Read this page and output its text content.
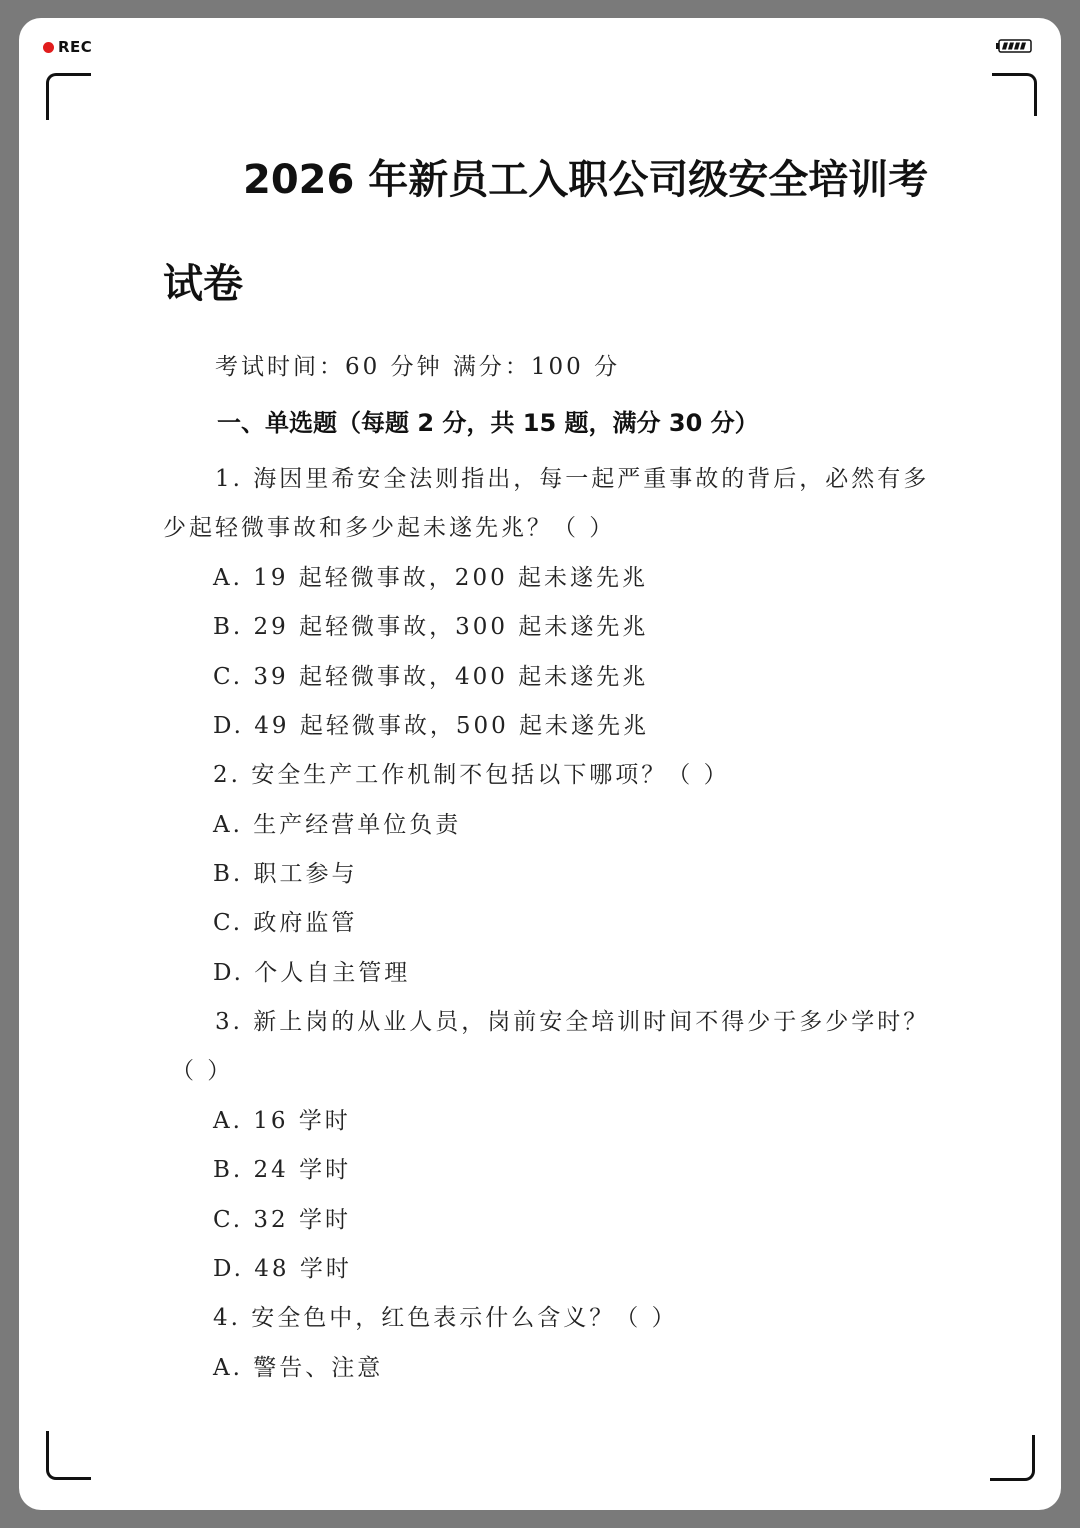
REC
2026 年新员工入职公司级安全培训考
试卷
考试时间：60 分钟 满分：100 分
一、单选题（每题 2 分，共 15 题，满分 30 分）
1. 海因里希安全法则指出，每一起严重事故的背后，必然有多
少起轻微事故和多少起未遂先兆？（ ）
A. 19 起轻微事故，200 起未遂先兆
B. 29 起轻微事故，300 起未遂先兆
C. 39 起轻微事故，400 起未遂先兆
D. 49 起轻微事故，500 起未遂先兆
2. 安全生产工作机制不包括以下哪项？（ ）
A. 生产经营单位负责
B. 职工参与
C. 政府监管
D. 个人自主管理
3. 新上岗的从业人员，岗前安全培训时间不得少于多少学时？
（ ）
A. 16 学时
B. 24 学时
C. 32 学时
D. 48 学时
4. 安全色中，红色表示什么含义？（ ）
A. 警告、注意
